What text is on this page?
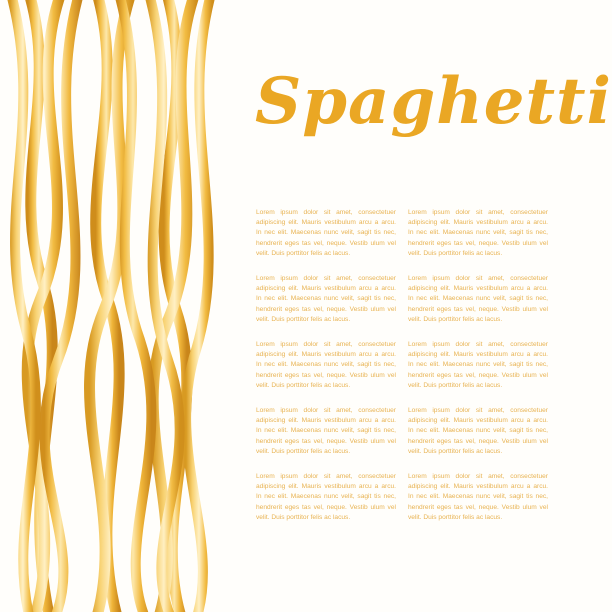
Spaghetti
Lorem ipsum dolor sit amet, consectetuer adipiscing elit. Mauris vestibulum arcu a arcu. In nec elit. Maecenas nunc velit, sagit tis nec, hendrerit eges tas vel, neque. Vestib ulum vel velit. Duis porttitor felis ac lacus.
Lorem ipsum dolor sit amet, consectetuer adipiscing elit. Mauris vestibulum arcu a arcu. In nec elit. Maecenas nunc velit, sagit tis nec, hendrerit eges tas vel, neque. Vestib ulum vel velit. Duis porttitor felis ac lacus.
Lorem ipsum dolor sit amet, consectetuer adipiscing elit. Mauris vestibulum arcu a arcu. In nec elit. Maecenas nunc velit, sagit tis nec, hendrerit eges tas vel, neque. Vestib ulum vel velit. Duis porttitor felis ac lacus.
Lorem ipsum dolor sit amet, consectetuer adipiscing elit. Mauris vestibulum arcu a arcu. In nec elit. Maecenas nunc velit, sagit tis nec, hendrerit eges tas vel, neque. Vestib ulum vel velit. Duis porttitor felis ac lacus.
Lorem ipsum dolor sit amet, consectetuer adipiscing elit. Mauris vestibulum arcu a arcu. In nec elit. Maecenas nunc velit, sagit tis nec, hendrerit eges tas vel, neque. Vestib ulum vel velit. Duis porttitor felis ac lacus.
Lorem ipsum dolor sit amet, consectetuer adipiscing elit. Mauris vestibulum arcu a arcu. In nec elit. Maecenas nunc velit, sagit tis nec, hendrerit eges tas vel, neque. Vestib ulum vel velit. Duis porttitor felis ac lacus.
Lorem ipsum dolor sit amet, consectetuer adipiscing elit. Mauris vestibulum arcu a arcu. In nec elit. Maecenas nunc velit, sagit tis nec, hendrerit eges tas vel, neque. Vestib ulum vel velit. Duis porttitor felis ac lacus.
Lorem ipsum dolor sit amet, consectetuer adipiscing elit. Mauris vestibulum arcu a arcu. In nec elit. Maecenas nunc velit, sagit tis nec, hendrerit eges tas vel, neque. Vestib ulum vel velit. Duis porttitor felis ac lacus.
Lorem ipsum dolor sit amet, consectetuer adipiscing elit. Mauris vestibulum arcu a arcu. In nec elit. Maecenas nunc velit, sagit tis nec, hendrerit eges tas vel, neque. Vestib ulum vel velit. Duis porttitor felis ac lacus.
Lorem ipsum dolor sit amet, consectetuer adipiscing elit. Mauris vestibulum arcu a arcu. In nec elit. Maecenas nunc velit, sagit tis nec, hendrerit eges tas vel, neque. Vestib ulum vel velit. Duis porttitor felis ac lacus.
